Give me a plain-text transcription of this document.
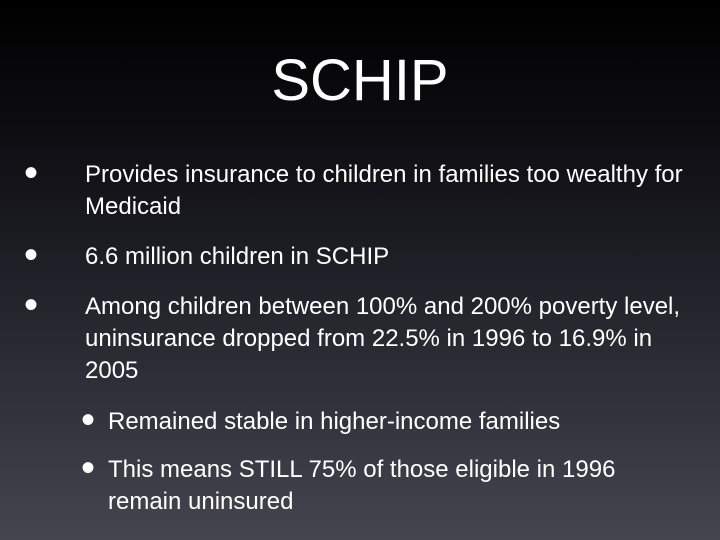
SCHIP
• Provides insurance to children in families too wealthy for Medicaid
• 6.6 million children in SCHIP
• Among children between 100% and 200% poverty level, uninsurance dropped from 22.5% in 1996 to 16.9% in 2005
• Remained stable in higher-income families
• This means STILL 75% of those eligible in 1996 remain uninsured
